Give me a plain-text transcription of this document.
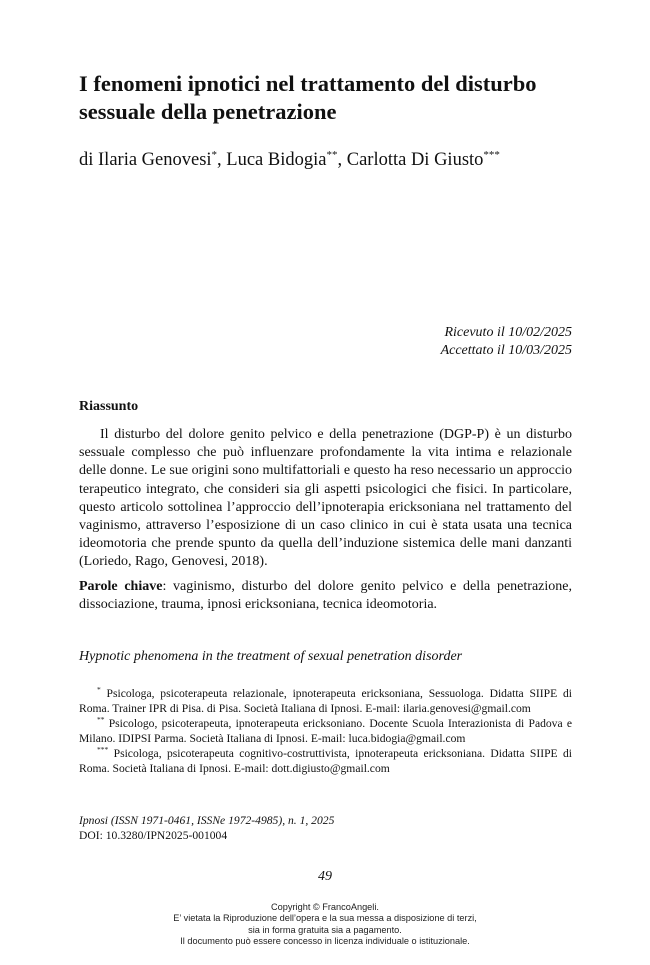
I fenomeni ipnotici nel trattamento del disturbo sessuale della penetrazione
di Ilaria Genovesi*, Luca Bidogia**, Carlotta Di Giusto***
Ricevuto il 10/02/2025
Accettato il 10/03/2025
Riassunto

Il disturbo del dolore genito pelvico e della penetrazione (DGP-P) è un disturbo sessuale complesso che può influenzare profondamente la vita intima e relazionale delle donne. Le sue origini sono multifattoriali e questo ha reso necessario un approccio terapeutico integrato, che consideri sia gli aspetti psicologici che fisici. In particolare, questo articolo sottolinea l’approccio dell’ipnoterapia ericksoniana nel trattamento del vaginismo, attraverso l’esposizione di un caso clinico in cui è stata usata una tecnica ideomotoria che prende spunto da quella dell’induzione sistemica delle mani danzanti (Loriedo, Rago, Genovesi, 2018).

Parole chiave: vaginismo, disturbo del dolore genito pelvico e della penetrazione, dissociazione, trauma, ipnosi ericksoniana, tecnica ideomotoria.

Hypnotic phenomena in the treatment of sexual penetration disorder

* Psicologa, psicoterapeuta relazionale, ipnoterapeuta ericksoniana, Sessuologa. Didatta SIIPE di Roma. Trainer IPR di Pisa. di Pisa. Società Italiana di Ipnosi. E-mail: ilaria.genovesi@gmail.com

** Psicologo, psicoterapeuta, ipnoterapeuta ericksoniano. Docente Scuola Interazionista di Padova e Milano. IDIPSI Parma. Società Italiana di Ipnosi. E-mail: luca.bidogia@gmail.com

*** Psicologa, psicoterapeuta cognitivo-costruttivista, ipnoterapeuta ericksoniana. Didatta SIIPE di Roma. Società Italiana di Ipnosi. E-mail: dott.digiusto@gmail.com

Ipnosi (ISSN 1971-0461, ISSNe 1972-4985), n. 1, 2025
DOI: 10.3280/IPN2025-001004
49
Copyright © FrancoAngeli.
E’ vietata la Riproduzione dell’opera e la sua messa a disposizione di terzi,
sia in forma gratuita sia a pagamento.
Il documento può essere concesso in licenza individuale o istituzionale.
